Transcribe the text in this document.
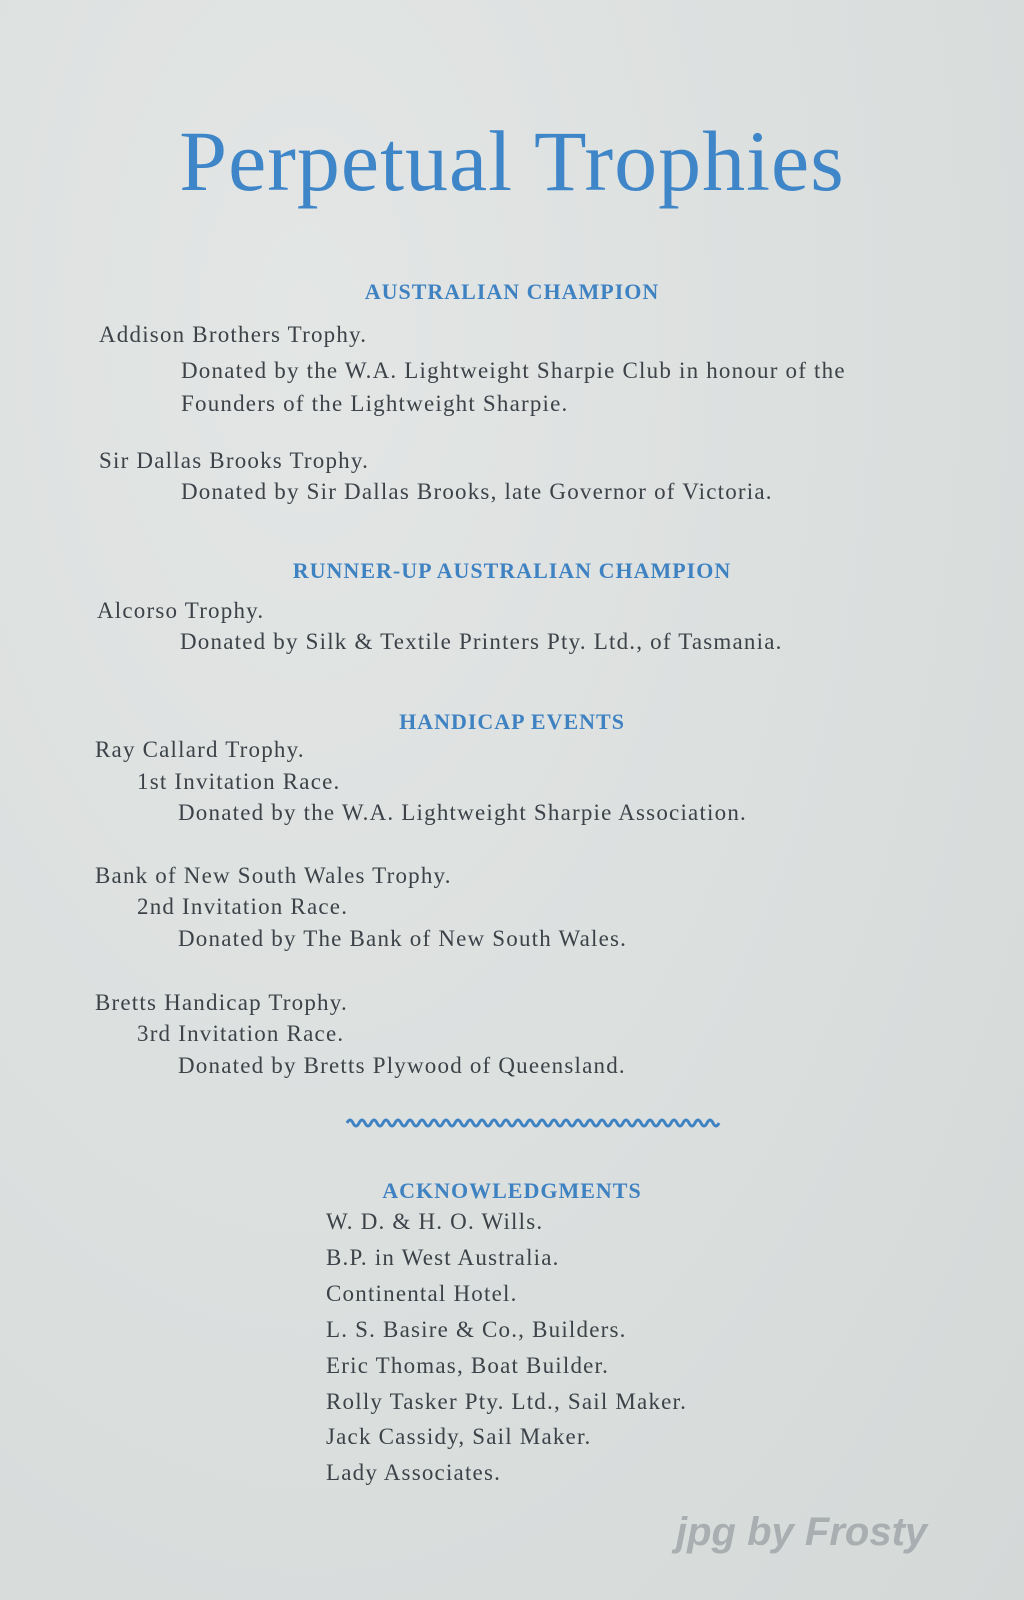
Perpetual Trophies
AUSTRALIAN CHAMPION
Addison Brothers Trophy.
Donated by the W.A. Lightweight Sharpie Club in honour of the
Founders of the Lightweight Sharpie.
Sir Dallas Brooks Trophy.
Donated by Sir Dallas Brooks, late Governor of Victoria.
RUNNER-UP AUSTRALIAN CHAMPION
Alcorso Trophy.
Donated by Silk & Textile Printers Pty. Ltd., of Tasmania.
HANDICAP EVENTS
Ray Callard Trophy.
1st Invitation Race.
Donated by the W.A. Lightweight Sharpie Association.
Bank of New South Wales Trophy.
2nd Invitation Race.
Donated by The Bank of New South Wales.
Bretts Handicap Trophy.
3rd Invitation Race.
Donated by Bretts Plywood of Queensland.
ACKNOWLEDGMENTS
W. D. & H. O. Wills.
B.P. in West Australia.
Continental Hotel.
L. S. Basire & Co., Builders.
Eric Thomas, Boat Builder.
Rolly Tasker Pty. Ltd., Sail Maker.
Jack Cassidy, Sail Maker.
Lady Associates.
jpg by Frosty
